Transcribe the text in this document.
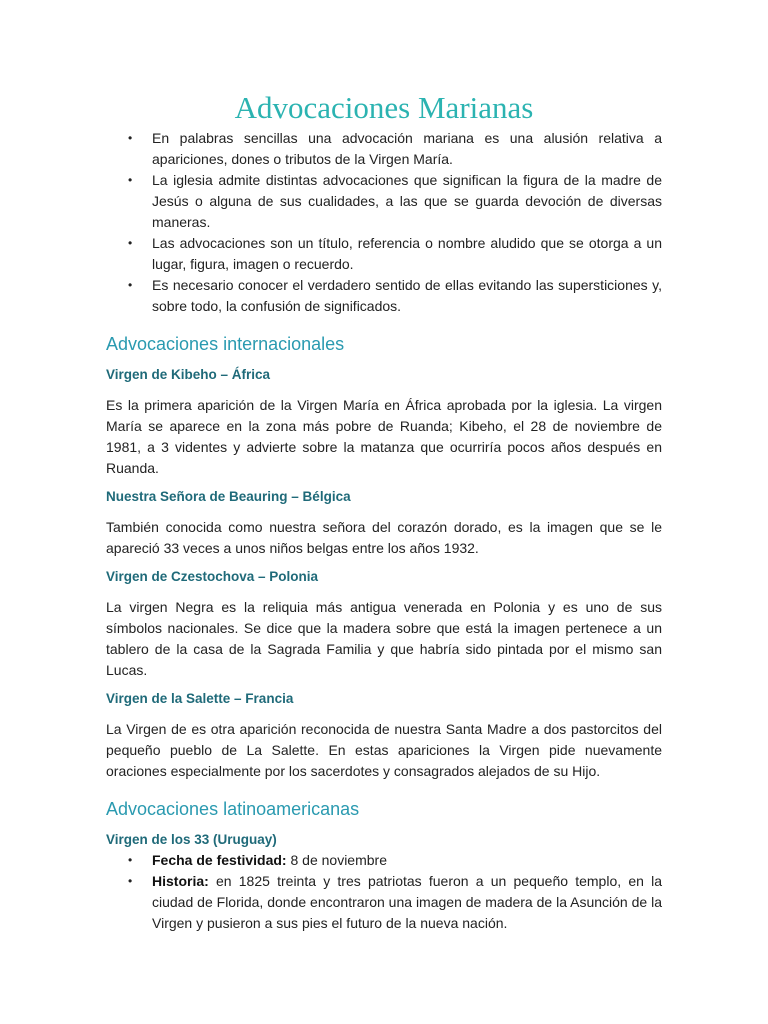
Advocaciones Marianas
• En palabras sencillas una advocación mariana es una alusión relativa a apariciones, dones o tributos de la Virgen María.
• La iglesia admite distintas advocaciones que significan la figura de la madre de Jesús o alguna de sus cualidades, a las que se guarda devoción de diversas maneras.
• Las advocaciones son un título, referencia o nombre aludido que se otorga a un lugar, figura, imagen o recuerdo.
• Es necesario conocer el verdadero sentido de ellas evitando las supersticiones y, sobre todo, la confusión de significados.
Advocaciones internacionales
Virgen de Kibeho – África

Es la primera aparición de la Virgen María en África aprobada por la iglesia. La virgen María se aparece en la zona más pobre de Ruanda; Kibeho, el 28 de noviembre de 1981, a 3 videntes y advierte sobre la matanza que ocurriría pocos años después en Ruanda.

Nuestra Señora de Beauring – Bélgica

También conocida como nuestra señora del corazón dorado, es la imagen que se le apareció 33 veces a unos niños belgas entre los años 1932.

Virgen de Czestochova – Polonia

La virgen Negra es la reliquia más antigua venerada en Polonia y es uno de sus símbolos nacionales. Se dice que la madera sobre que está la imagen pertenece a un tablero de la casa de la Sagrada Familia y que habría sido pintada por el mismo san Lucas.

Virgen de la Salette – Francia

La Virgen de es otra aparición reconocida de nuestra Santa Madre a dos pastorcitos del pequeño pueblo de La Salette. En estas apariciones la Virgen pide nuevamente oraciones especialmente por los sacerdotes y consagrados alejados de su Hijo.

Advocaciones latinoamericanas
Virgen de los 33 (Uruguay)
• Fecha de festividad: 8 de noviembre
• Historia: en 1825 treinta y tres patriotas fueron a un pequeño templo, en la ciudad de Florida, donde encontraron una imagen de madera de la Asunción de la Virgen y pusieron a sus pies el futuro de la nueva nación.
